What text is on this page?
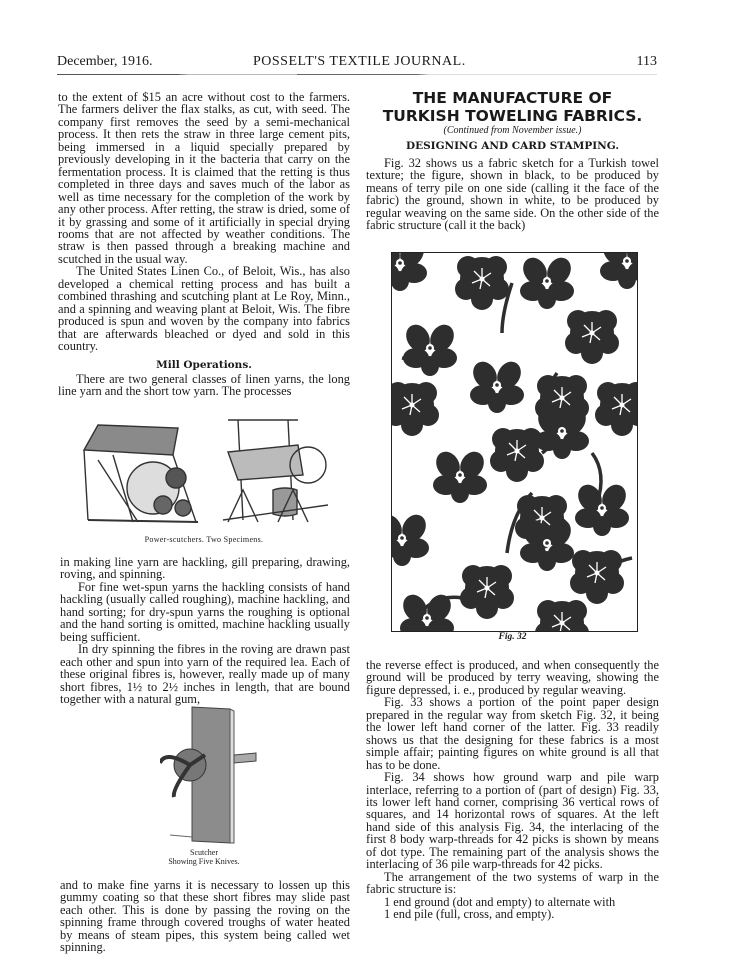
December, 1916.	POSSELT'S TEXTILE JOURNAL.	113

to the extent of $15 an acre without cost to the farmers. The farmers deliver the flax stalks, as cut, with seed. The company first removes the seed by a semi-mechanical process. It then rets the straw in three large cement pits, being immersed in a liquid specially prepared by previously developing in it the bacteria that carry on the fermentation process. It is claimed that the retting is thus completed in three days and saves much of the labor as well as time necessary for the completion of the work by any other process. After retting, the straw is dried, some of it by grassing and some of it artificially in special drying rooms that are not affected by weather conditions. The straw is then passed through a breaking machine and scutched in the usual way.

The United States Linen Co., of Beloit, Wis., has also developed a chemical retting process and has built a combined thrashing and scutching plant at Le Roy, Minn., and a spinning and weaving plant at Beloit, Wis. The fibre produced is spun and woven by the company into fabrics that are afterwards bleached or dyed and sold in this country.

Mill Operations.

There are two general classes of linen yarns, the long line yarn and the short tow yarn. The processes

Power-scutchers. Two Specimens.

in making line yarn are hackling, gill preparing, drawing, roving, and spinning.

For fine wet-spun yarns the hackling consists of hand hackling (usually called roughing), machine hackling, and hand sorting; for dry-spun yarns the roughing is optional and the hand sorting is omitted, machine hackling usually being sufficient.

In dry spinning the fibres in the roving are drawn past each other and spun into yarn of the required lea. Each of these original fibres is, however, really made up of many short fibres, 1½ to 2½ inches in length, that are bound together with a natural gum,

Scutcher
Showing Five Knives.

and to make fine yarns it is necessary to lossen up this gummy coating so that these short fibres may slide past each other. This is done by passing the roving on the spinning frame through covered troughs of water heated by means of steam pipes, this system being called wet spinning.

THE MANUFACTURE OF
TURKISH TOWELING FABRICS.
(Continued from November issue.)
DESIGNING AND CARD STAMPING.

Fig. 32 shows us a fabric sketch for a Turkish towel texture; the figure, shown in black, to be produced by means of terry pile on one side (calling it the face of the fabric) the ground, shown in white, to be produced by regular weaving on the same side. On the other side of the fabric structure (call it the back)

Fig. 32

the reverse effect is produced, and when consequently the ground will be produced by terry weaving, showing the figure depressed, i. e., produced by regular weaving.

Fig. 33 shows a portion of the point paper design prepared in the regular way from sketch Fig. 32, it being the lower left hand corner of the latter. Fig. 33 readily shows us that the designing for these fabrics is a most simple affair; painting figures on white ground is all that has to be done.

Fig. 34 shows how ground warp and pile warp interlace, referring to a portion of (part of design) Fig. 33, its lower left hand corner, comprising 36 vertical rows of squares, and 14 horizontal rows of squares. At the left hand side of this analysis Fig. 34, the interlacing of the first 8 body warp-threads for 42 picks is shown by means of dot type. The remaining part of the analysis shows the interlacing of 36 pile warp-threads for 42 picks.

The arrangement of the two systems of warp in the fabric structure is:

1 end ground (dot and empty) to alternate with
1 end pile (full, cross, and empty).
